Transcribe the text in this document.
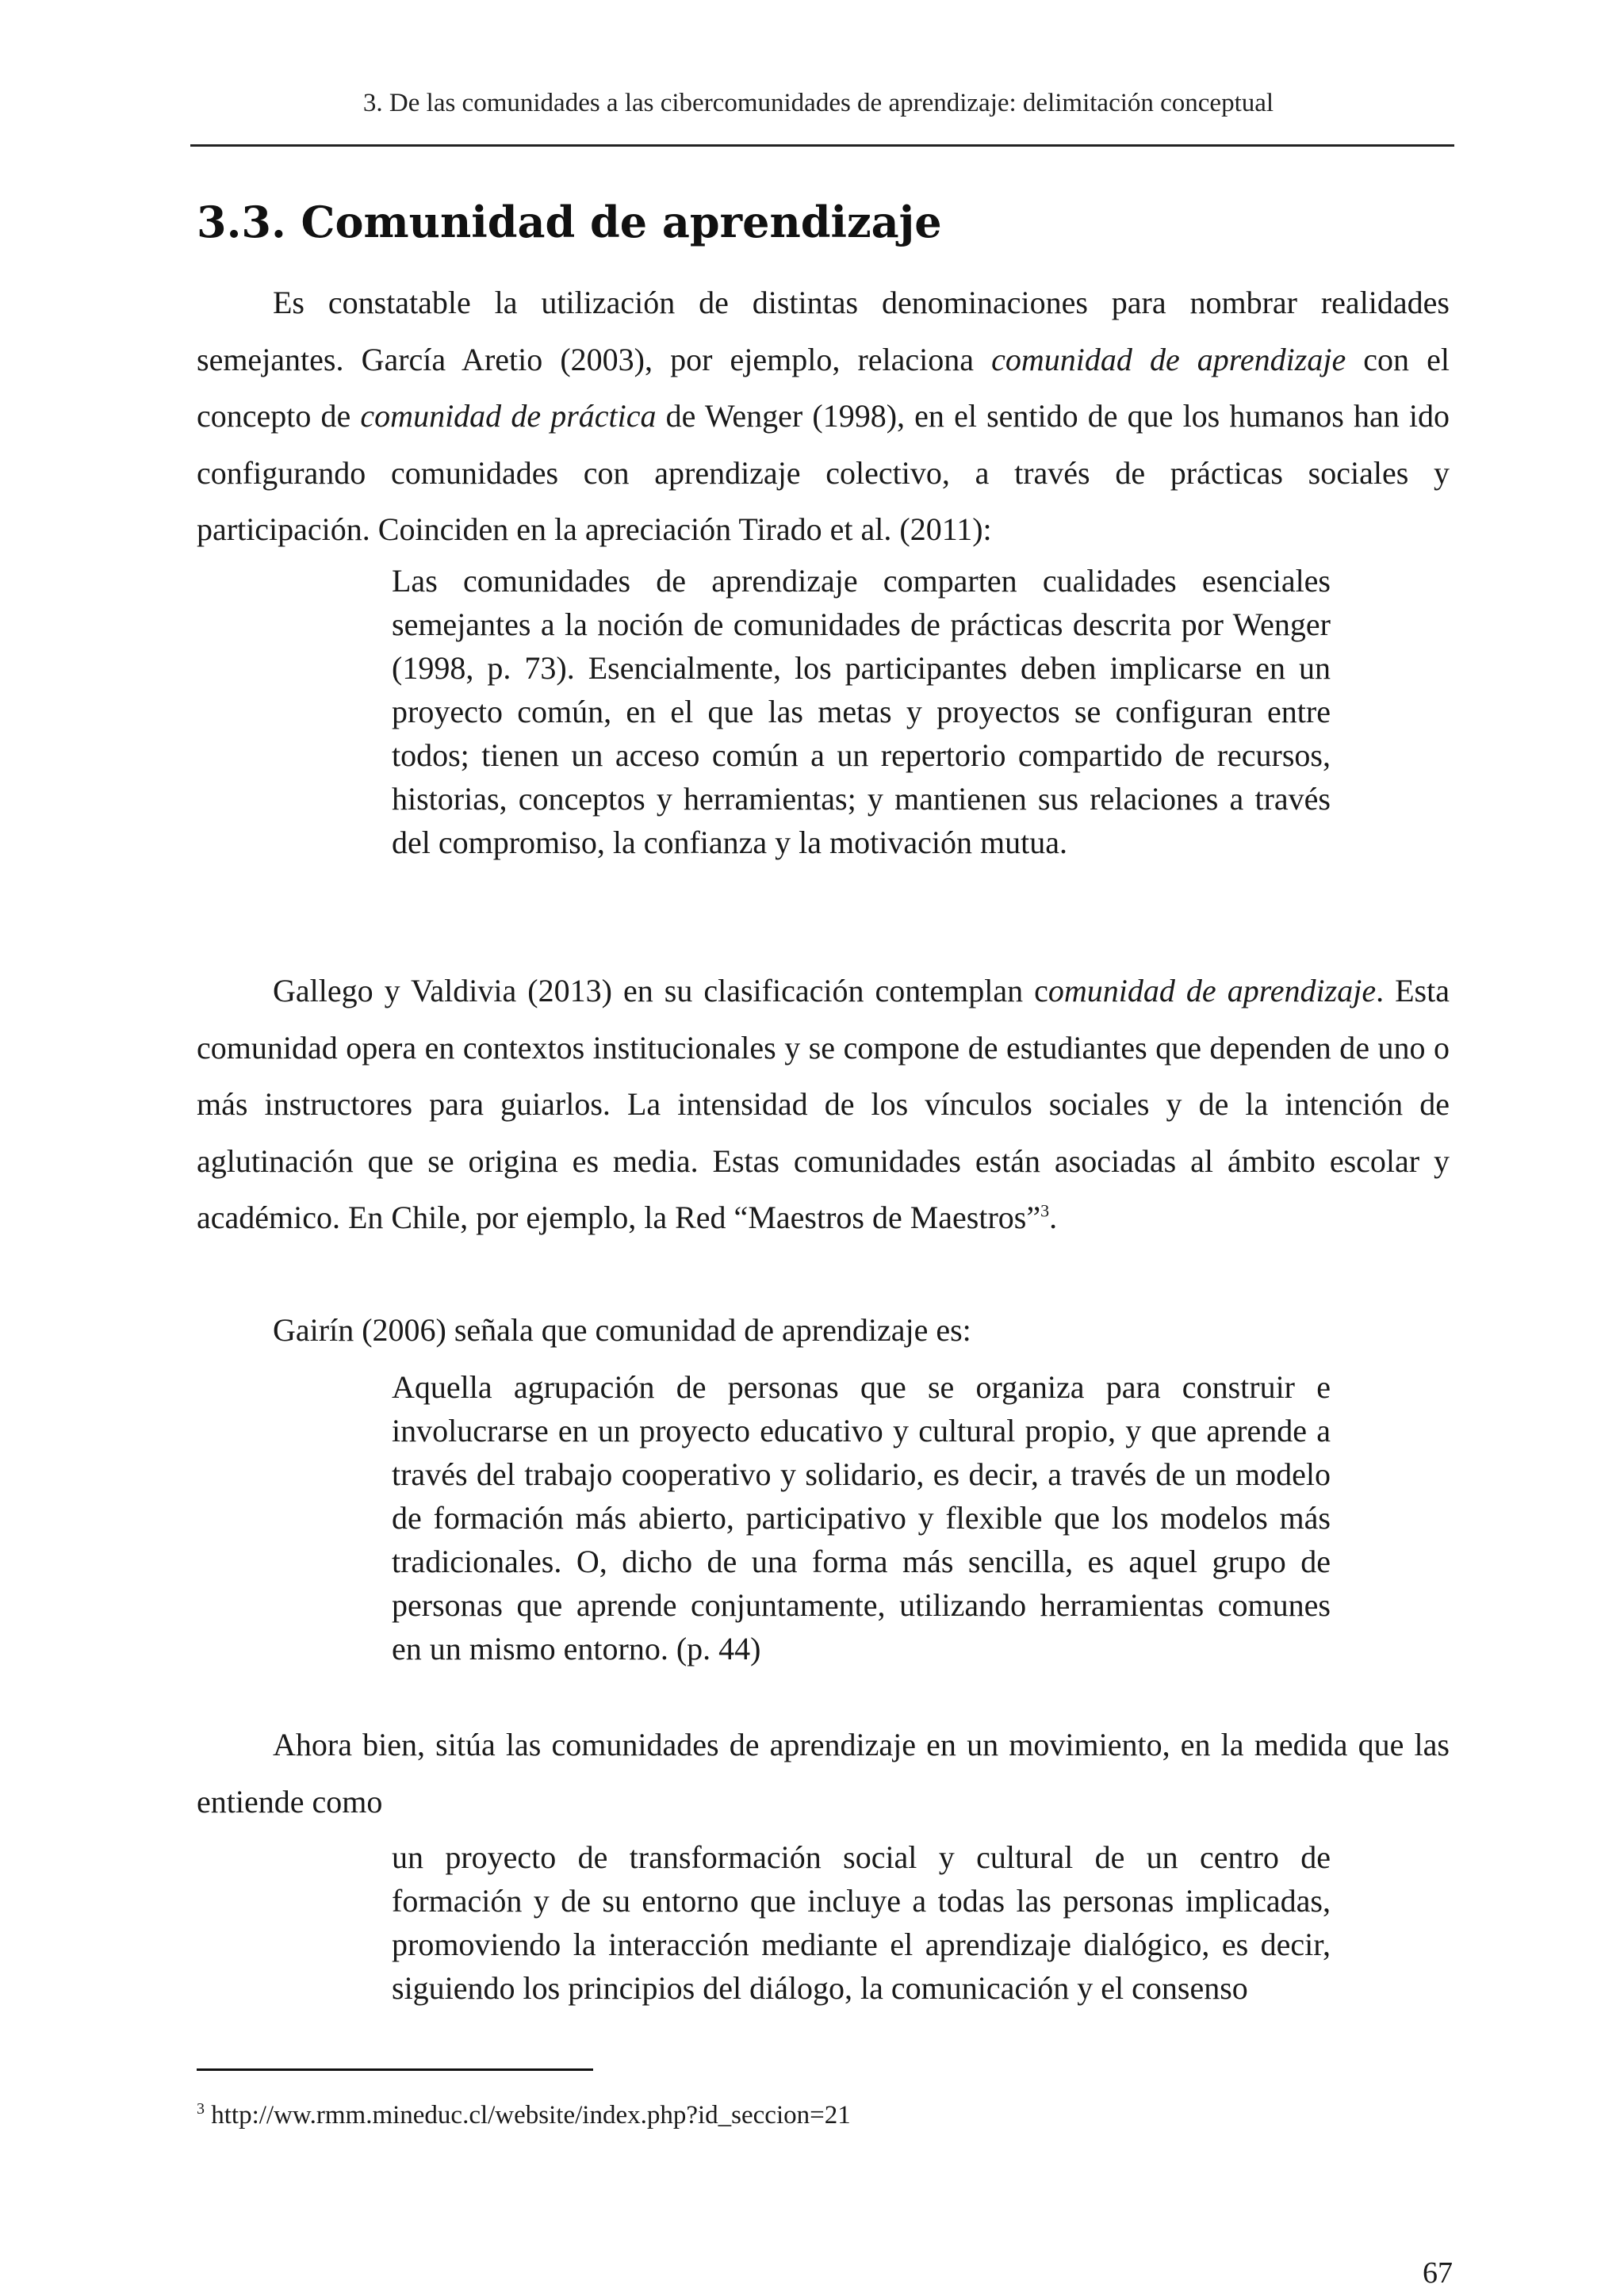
3. De las comunidades a las cibercomunidades de aprendizaje: delimitación conceptual
3.3. Comunidad de aprendizaje

Es constatable la utilización de distintas denominaciones para nombrar realidades semejantes. García Aretio (2003), por ejemplo, relaciona comunidad de aprendizaje con el concepto de comunidad de práctica de Wenger (1998), en el sentido de que los humanos han ido configurando comunidades con aprendizaje colectivo, a través de prácticas sociales y participación. Coinciden en la apreciación Tirado et al. (2011):

Las comunidades de aprendizaje comparten cualidades esenciales semejantes a la noción de comunidades de prácticas descrita por Wenger (1998, p. 73). Esencialmente, los participantes deben implicarse en un proyecto común, en el que las metas y proyectos se configuran entre todos; tienen un acceso común a un repertorio compartido de recursos, historias, conceptos y herramientas; y mantienen sus relaciones a través del compromiso, la confianza y la motivación mutua.

Gallego y Valdivia (2013) en su clasificación contemplan comunidad de aprendizaje. Esta comunidad opera en contextos institucionales y se compone de estudiantes que dependen de uno o más instructores para guiarlos. La intensidad de los vínculos sociales y de la intención de aglutinación que se origina es media. Estas comunidades están asociadas al ámbito escolar y académico. En Chile, por ejemplo, la Red “Maestros de Maestros”$^3$.

Gairín (2006) señala que comunidad de aprendizaje es:

Aquella agrupación de personas que se organiza para construir e involucrarse en un proyecto educativo y cultural propio, y que aprende a través del trabajo cooperativo y solidario, es decir, a través de un modelo de formación más abierto, participativo y flexible que los modelos más tradicionales. O, dicho de una forma más sencilla, es aquel grupo de personas que aprende conjuntamente, utilizando herramientas comunes en un mismo entorno. (p. 44)

Ahora bien, sitúa las comunidades de aprendizaje en un movimiento, en la medida que las entiende como

un proyecto de transformación social y cultural de un centro de formación y de su entorno que incluye a todas las personas implicadas, promoviendo la interacción mediante el aprendizaje dialógico, es decir, siguiendo los principios del diálogo, la comunicación y el consenso

$^3$ http://ww.rmm.mineduc.cl/website/index.php?id_seccion=21

67
